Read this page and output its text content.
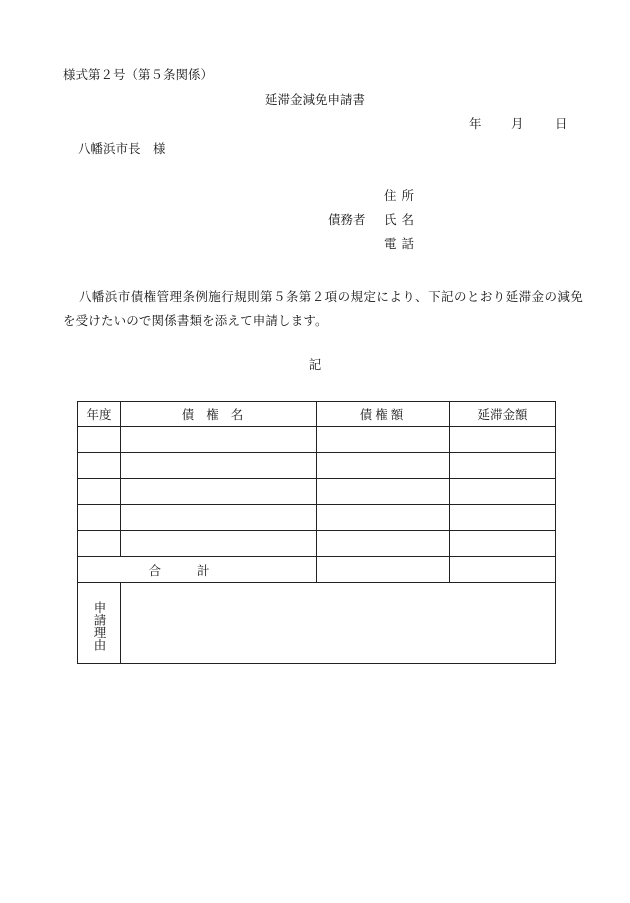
様式第２号（第５条関係）
延滞金減免申請書
年 月	日
八幡浜市長　様
住所
債務者 氏名
電話
八幡浜市債権管理条例施行規則第５条第２項の規定により、下記のとおり延滞金の減免を受けたいので関係書類を添えて申請します。
記
年度	債権名	債権額	延滞金額

合計			

申請理由			
